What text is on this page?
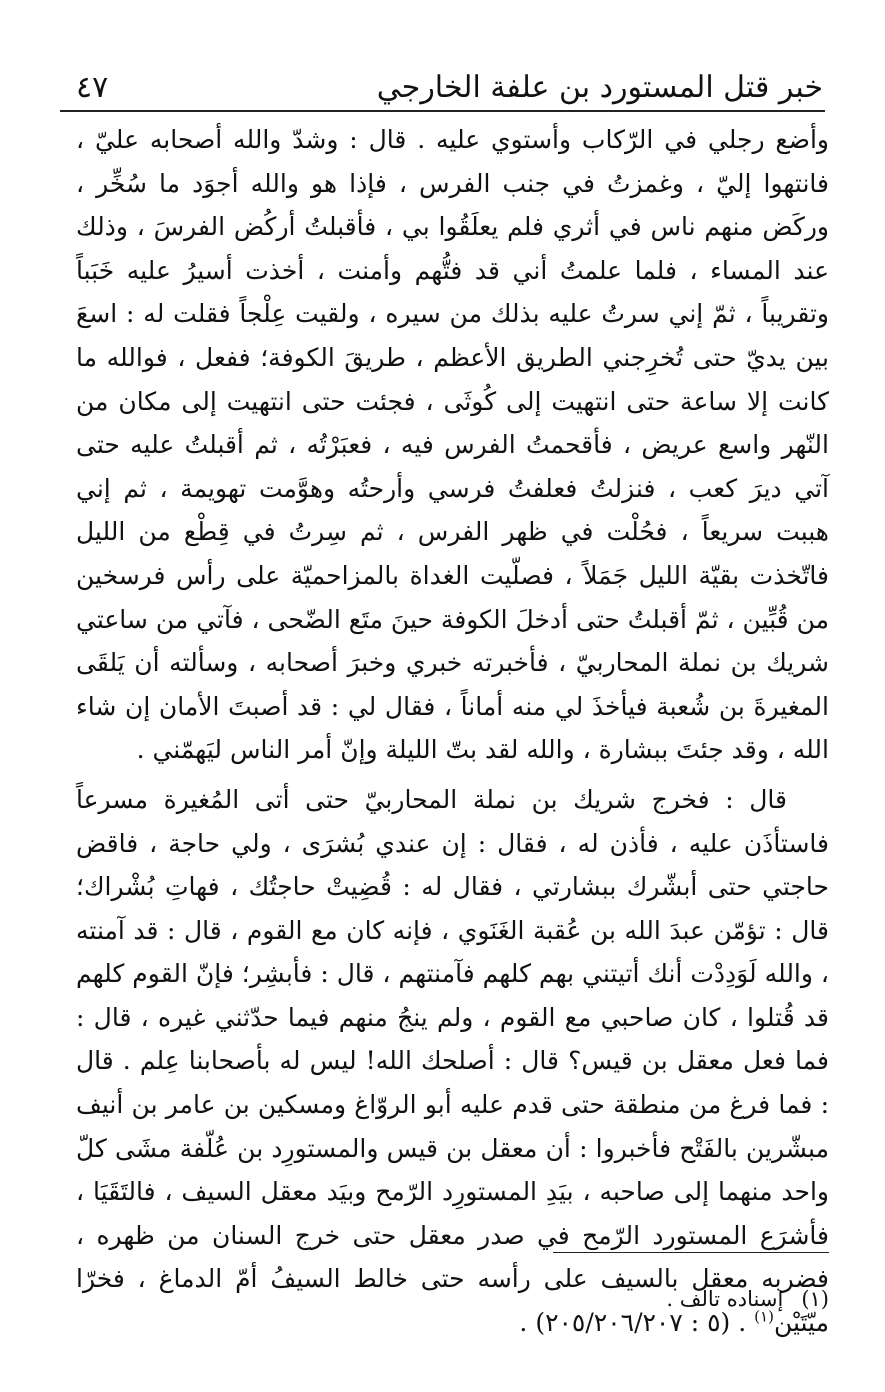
خبر قتل المستورد بن علفة الخارجي
٤٧

وأضع رجلي في الرّكاب وأستوي عليه . قال : وشدّ والله أصحابه عليّ ، فانتهوا إليّ ، وغمزتُ في جنب الفرس ، فإذا هو والله أجوَد ما سُخِّر ، وركَض منهم ناس في أثري فلم يعلَقُوا بي ، فأقبلتُ أركُض الفرسَ ، وذلك عند المساء ، فلما علمتُ أني قد فتُّهم وأمنت ، أخذت أسيرُ عليه خَبَباً وتقريباً ، ثمّ إني سرتُ عليه بذلك من سيره ، ولقيت عِلْجاً فقلت له : اسعَ بين يديّ حتى تُخرِجني الطريق الأعظم ، طريقَ الكوفة؛ ففعل ، فوالله ما كانت إلا ساعة حتى انتهيت إلى كُوثَى ، فجئت حتى انتهيت إلى مكان من النّهر واسع عريض ، فأقحمتُ الفرس فيه ، فعبَرْتُه ، ثم أقبلتُ عليه حتى آتي ديرَ كعب ، فنزلتُ فعلفتُ فرسي وأرحتُه وهوَّمت تهويمة ، ثم إني هببت سريعاً ، فحُلْت في ظهر الفرس ، ثم سِرتُ في قِطْع من الليل فاتّخذت بقيّة الليل جَمَلاً ، فصلّيت الغداة بالمزاحميّة على رأس فرسخين من قُبِّين ، ثمّ أقبلتُ حتى أدخلَ الكوفة حينَ متَع الضّحى ، فآتي من ساعتي شريك بن نملة المحاربيّ ، فأخبرته خبري وخبرَ أصحابه ، وسألته أن يَلقَى المغيرةَ بن شُعبة فيأخذَ لي منه أماناً ، فقال لي : قد أصبتَ الأمان إن شاء الله ، وقد جئتَ ببشارة ، والله لقد بتّ الليلة وإنّ أمر الناس ليَهمّني .

قال : فخرج شريك بن نملة المحاربيّ حتى أتى المُغيرة مسرعاً فاستأذَن عليه ، فأذن له ، فقال : إن عندي بُشرَى ، ولي حاجة ، فاقض حاجتي حتى أبشّرك ببشارتي ، فقال له : قُضِيتْ حاجتُك ، فهاتِ بُشْراك؛ قال : تؤمّن عبدَ الله بن عُقبة الغَنَوي ، فإنه كان مع القوم ، قال : قد آمنته ، والله لَوَدِدْت أنك أتيتني بهم كلهم فآمنتهم ، قال : فأبشِر؛ فإنّ القوم كلهم قد قُتلوا ، كان صاحبي مع القوم ، ولم ينجُ منهم فيما حدّثني غيره ، قال : فما فعل معقل بن قيس؟ قال : أصلحك الله! ليس له بأصحابنا عِلم . قال : فما فرغ من منطقة حتى قدم عليه أبو الروّاغ ومسكين بن عامر بن أنيف مبشّرين بالفَتْح فأخبروا : أن معقل بن قيس والمستورِد بن عُلّفة مشَى كلّ واحد منهما إلى صاحبه ، بيَدِ المستورِد الرّمح وبيَد معقل السيف ، فالتَقَيَا ، فأشرَع المستورد الرّمح في صدر معقل حتى خرج السنان من ظهره ، فضربه معقل بالسيف على رأسه حتى خالط السيفُ أمّ الدماغ ، فخرّا ميّتَيْن$^{(١)}$ . (٥ : ٢٠٥/٢٠٦/٢٠٧) .

(١)إسناده تالف .
